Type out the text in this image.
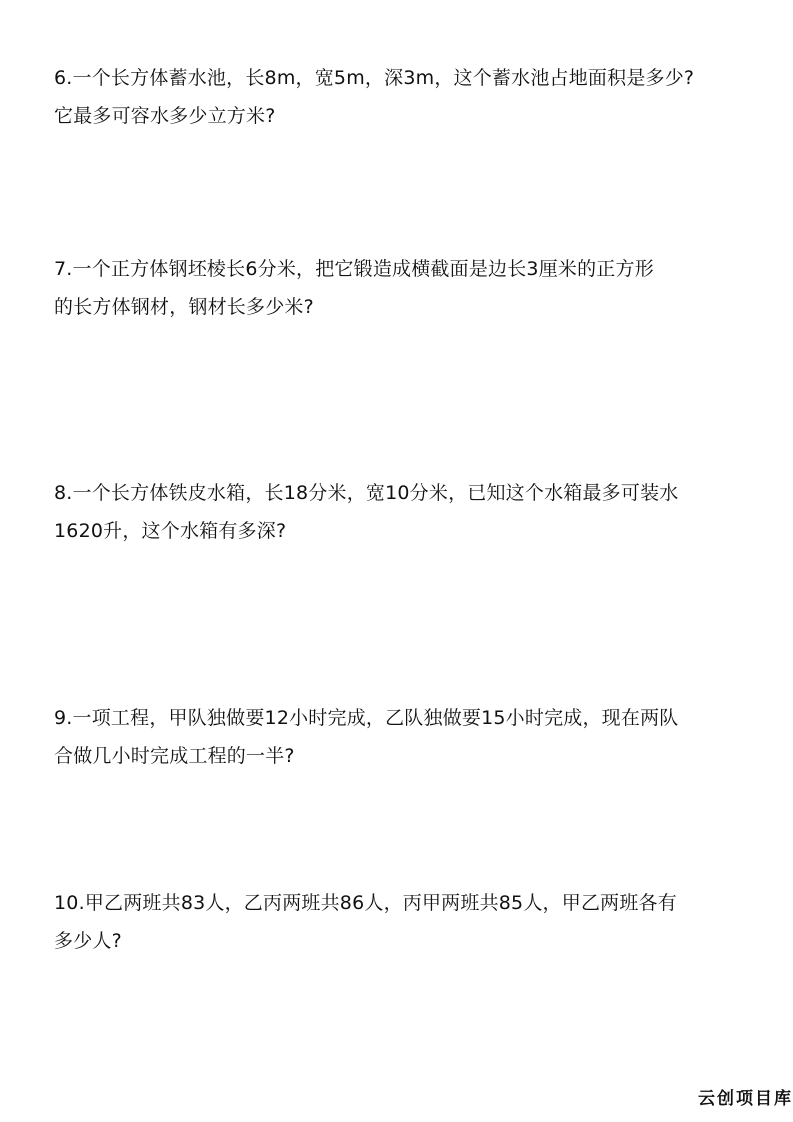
6.一个长方体蓄水池，长8m，宽5m，深3m，这个蓄水池占地面积是多少?
它最多可容水多少立方米?
7.一个正方体钢坯棱长6分米，把它锻造成横截面是边长3厘米的正方形
的长方体钢材，钢材长多少米?
8.一个长方体铁皮水箱，长18分米，宽10分米，已知这个水箱最多可装水
1620升，这个水箱有多深?
9.一项工程，甲队独做要12小时完成，乙队独做要15小时完成，现在两队
合做几小时完成工程的一半?
10.甲乙两班共83人，乙丙两班共86人，丙甲两班共85人，甲乙两班各有
多少人?
云创项目库
